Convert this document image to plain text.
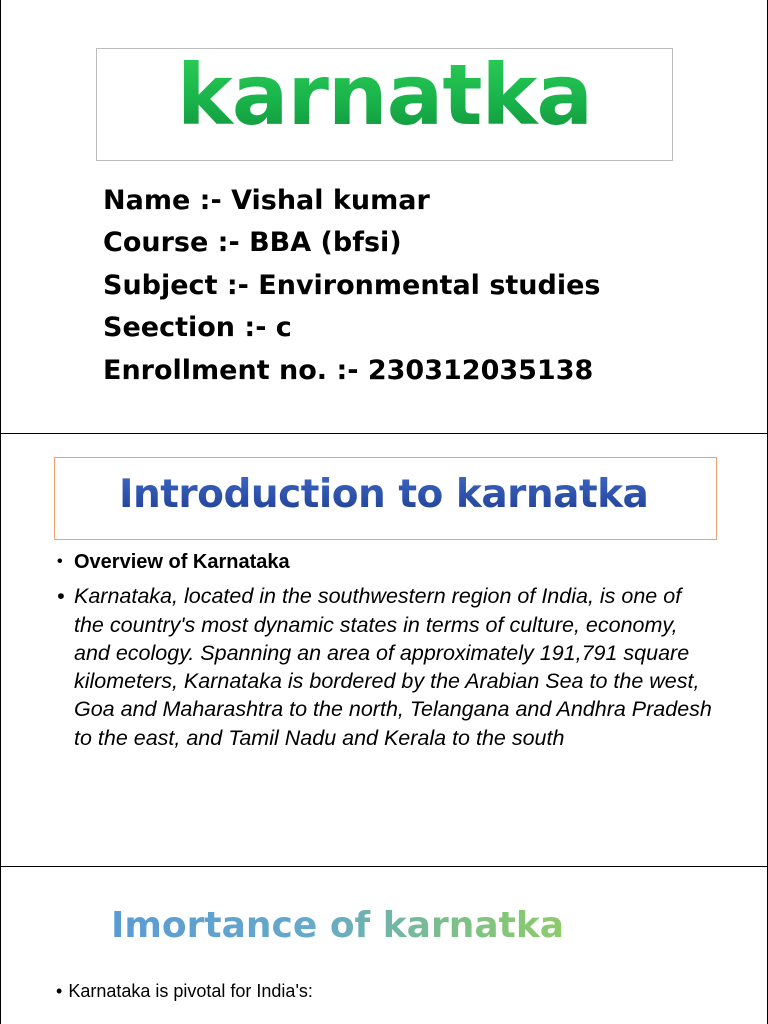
karnatka
Name :- Vishal kumar
Course :- BBA (bfsi)
Subject :- Environmental studies
Seection :- c
Enrollment no. :- 230312035138
Introduction to karnatka
• Overview of Karnataka
• Karnataka, located in the southwestern region of India, is one of the country's most dynamic states in terms of culture, economy, and ecology. Spanning an area of approximately 191,791 square kilometers, Karnataka is bordered by the Arabian Sea to the west, Goa and Maharashtra to the north, Telangana and Andhra Pradesh to the east, and Tamil Nadu and Kerala to the south
Imortance of karnatka
• Karnataka is pivotal for India's:
